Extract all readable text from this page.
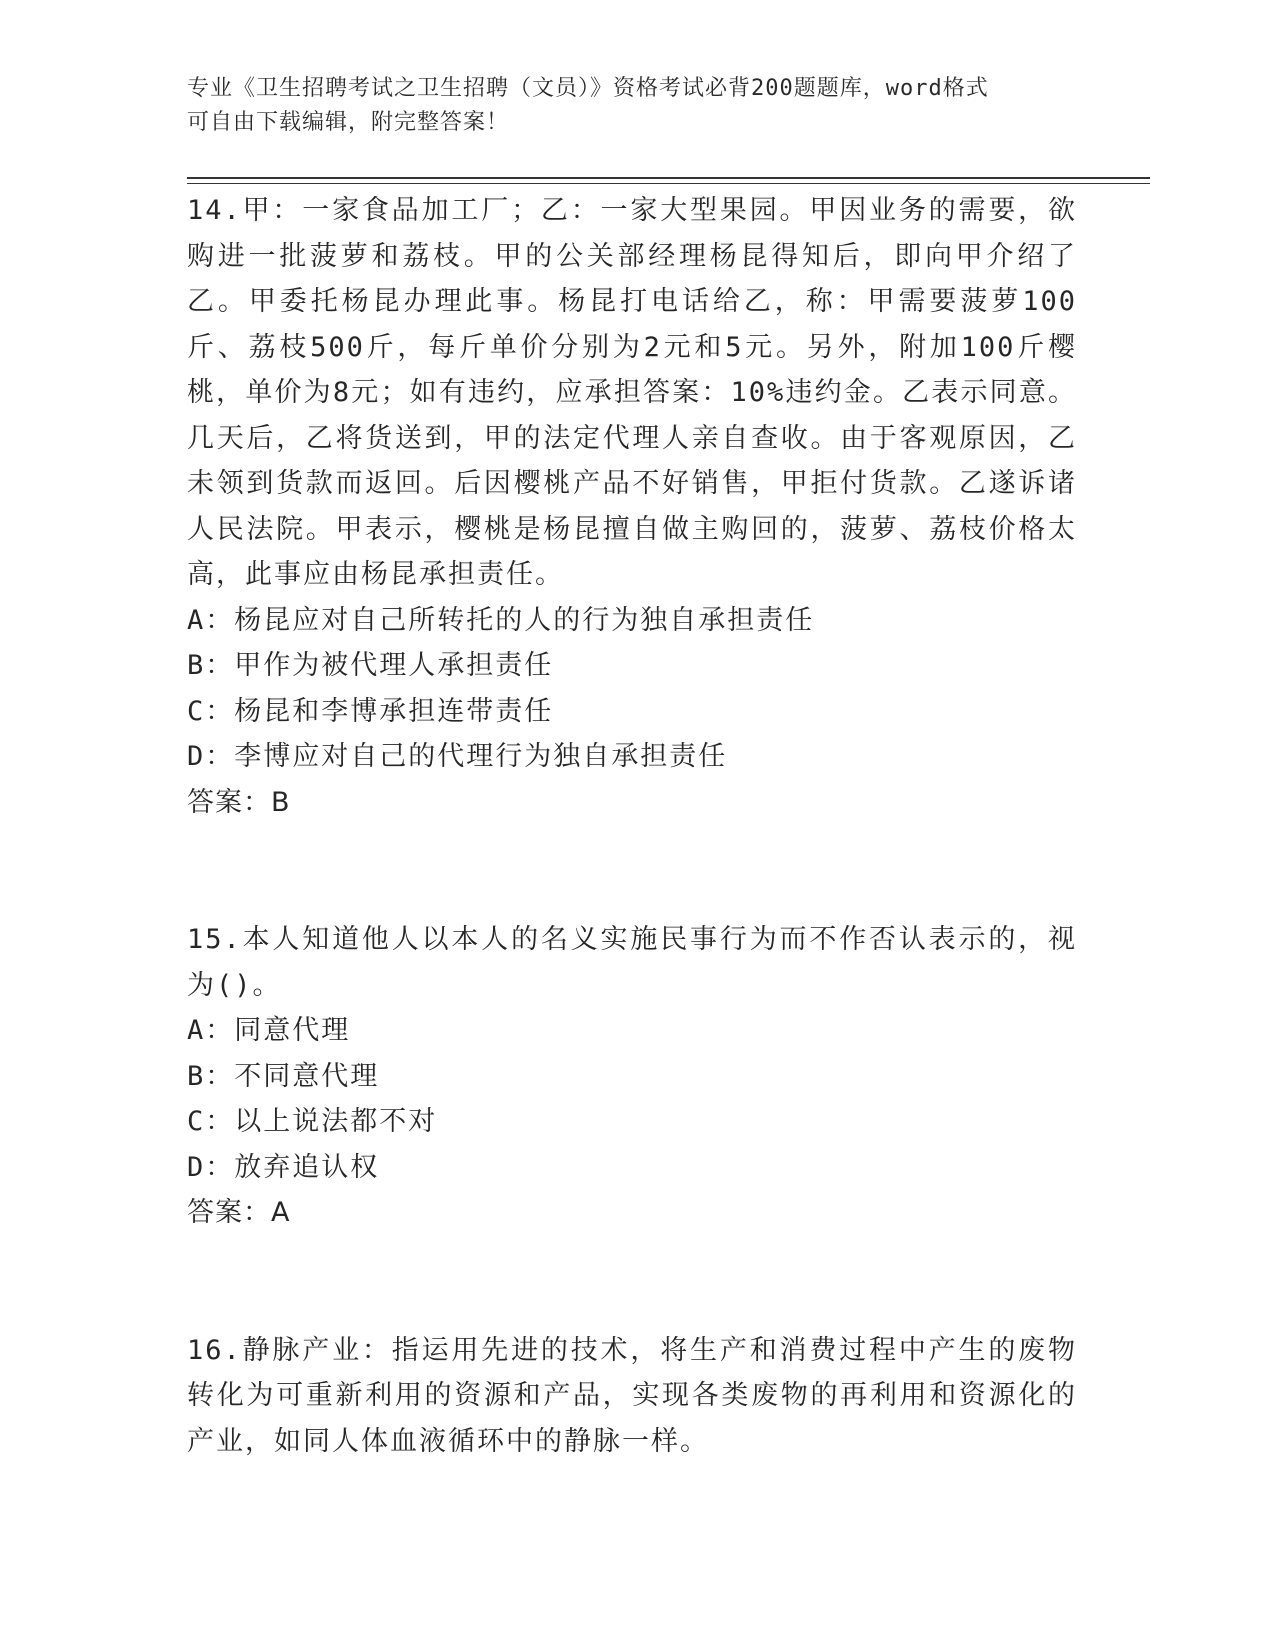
专业《卫生招聘考试之卫生招聘（文员）》资格考试必背200题题库，word格式
可自由下载编辑，附完整答案！

14.甲：一家食品加工厂；乙：一家大型果园。甲因业务的需要，欲购进一批菠萝和荔枝。甲的公关部经理杨昆得知后，即向甲介绍了乙。甲委托杨昆办理此事。杨昆打电话给乙，称：甲需要菠萝100斤、荔枝500斤，每斤单价分别为2元和5元。另外，附加100斤樱桃，单价为8元；如有违约，应承担答案：10%违约金。乙表示同意。几天后，乙将货送到，甲的法定代理人亲自查收。由于客观原因，乙未领到货款而返回。后因樱桃产品不好销售，甲拒付货款。乙遂诉诸人民法院。甲表示，樱桃是杨昆擅自做主购回的，菠萝、荔枝价格太高，此事应由杨昆承担责任。

A：杨昆应对自己所转托的人的行为独自承担责任

B：甲作为被代理人承担责任

C：杨昆和李博承担连带责任

D：李博应对自己的代理行为独自承担责任

答案：B

15.本人知道他人以本人的名义实施民事行为而不作否认表示的，视为()。

A：同意代理

B：不同意代理

C：以上说法都不对

D：放弃追认权

答案：A

16.静脉产业：指运用先进的技术，将生产和消费过程中产生的废物转化为可重新利用的资源和产品，实现各类废物的再利用和资源化的产业，如同人体血液循环中的静脉一样。
